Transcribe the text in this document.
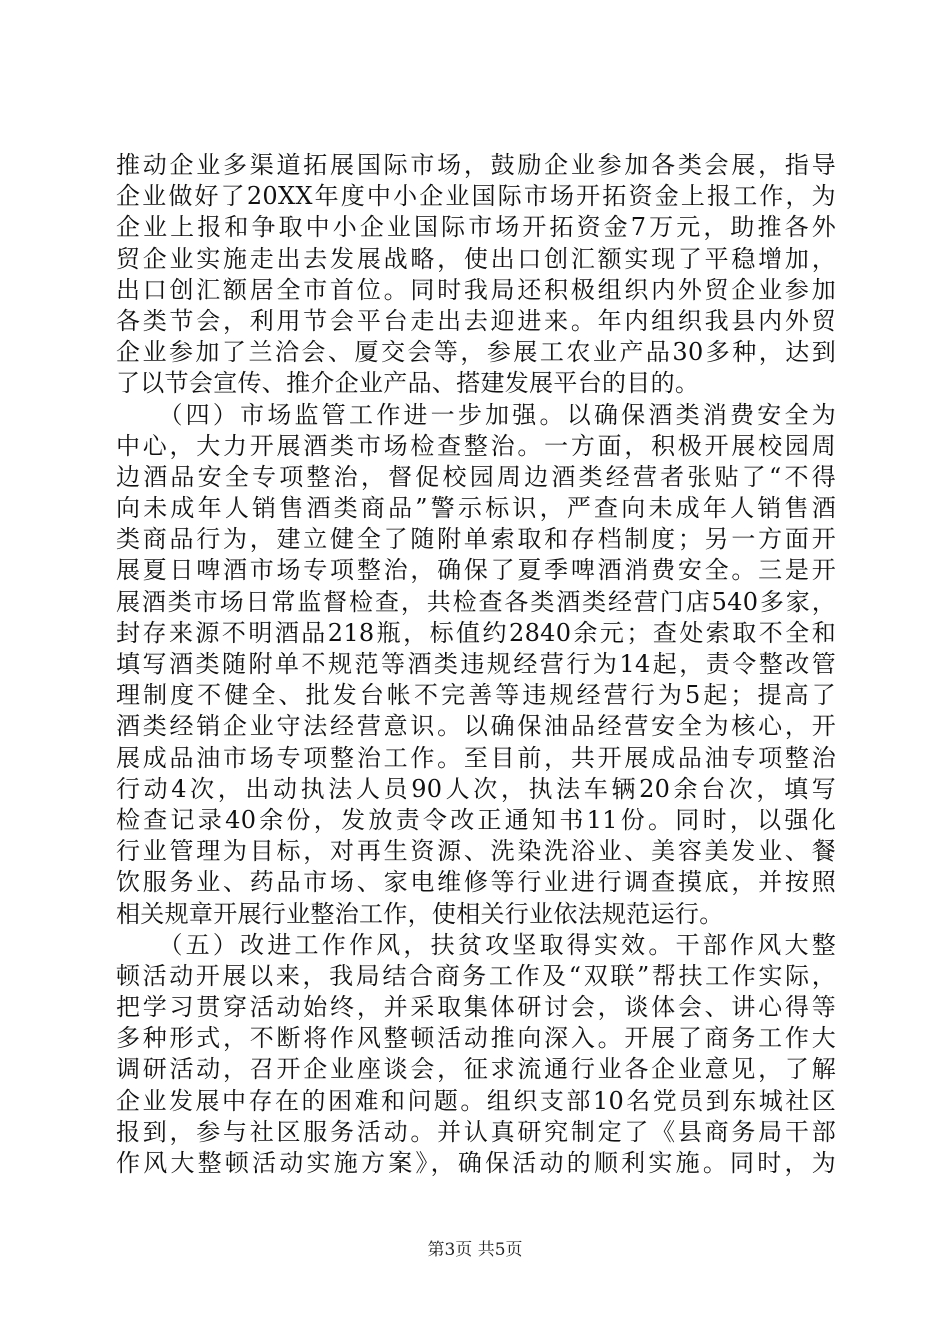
推动企业多渠道拓展国际市场，鼓励企业参加各类会展，指导
企业做好了20XX年度中小企业国际市场开拓资金上报工作，为
企业上报和争取中小企业国际市场开拓资金7万元，助推各外
贸企业实施走出去发展战略，使出口创汇额实现了平稳增加，
出口创汇额居全市首位。同时我局还积极组织内外贸企业参加
各类节会，利用节会平台走出去迎进来。年内组织我县内外贸
企业参加了兰洽会、厦交会等，参展工农业产品30多种，达到
了以节会宣传、推介企业产品、搭建发展平台的目的。
　　（四）市场监管工作进一步加强。以确保酒类消费安全为
中心，大力开展酒类市场检查整治。一方面，积极开展校园周
边酒品安全专项整治，督促校园周边酒类经营者张贴了“不得
向未成年人销售酒类商品”警示标识，严查向未成年人销售酒
类商品行为，建立健全了随附单索取和存档制度；另一方面开
展夏日啤酒市场专项整治，确保了夏季啤酒消费安全。三是开
展酒类市场日常监督检查，共检查各类酒类经营门店540多家，
封存来源不明酒品218瓶，标值约2840余元；查处索取不全和
填写酒类随附单不规范等酒类违规经营行为14起，责令整改管
理制度不健全、批发台帐不完善等违规经营行为5起；提高了
酒类经销企业守法经营意识。以确保油品经营安全为核心，开
展成品油市场专项整治工作。至目前，共开展成品油专项整治
行动4次，出动执法人员90人次，执法车辆20余台次，填写
检查记录40余份，发放责令改正通知书11份。同时，以强化
行业管理为目标，对再生资源、洗染洗浴业、美容美发业、餐
饮服务业、药品市场、家电维修等行业进行调查摸底，并按照
相关规章开展行业整治工作，使相关行业依法规范运行。
　　（五）改进工作作风，扶贫攻坚取得实效。干部作风大整
顿活动开展以来，我局结合商务工作及“双联”帮扶工作实际，
把学习贯穿活动始终，并采取集体研讨会，谈体会、讲心得等
多种形式，不断将作风整顿活动推向深入。开展了商务工作大
调研活动，召开企业座谈会，征求流通行业各企业意见，了解
企业发展中存在的困难和问题。组织支部10名党员到东城社区
报到，参与社区服务活动。并认真研究制定了《县商务局干部
作风大整顿活动实施方案》，确保活动的顺利实施。同时，为
第3页 共5页
